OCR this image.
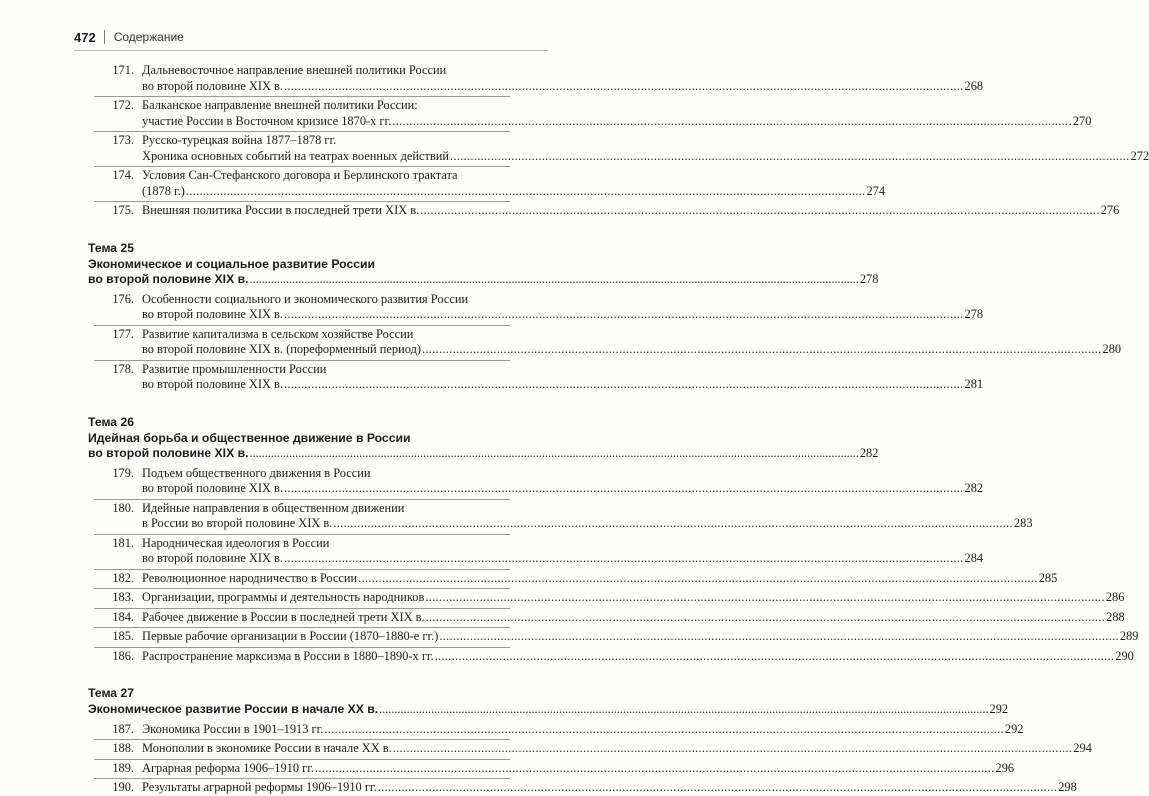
472 Содержание
171. Дальневосточное направление внешней политики России
во второй половине XIX в. ........................................................................................................................................................................................................ 268
172. Балканское направление внешней политики России:
участие России в Восточном кризисе 1870-х гг. ........................................................................................................................................................................................................ 270
173. Русско-турецкая война 1877–1878 гг.
Хроника основных событий на театрах военных действий ........................................................................................................................................................................................................ 272
174. Условия Сан-Стефанского договора и Берлинского трактата
(1878 г.) ........................................................................................................................................................................................................ 274
175. Внешняя политика России в последней трети XIX в. ........................................................................................................................................................................................................ 276
Тема 25
Экономическое и социальное развитие России
во второй половине XIX в. ........................................................................................................................................................................................................ 278
176. Особенности социального и экономического развития России
во второй половине XIX в. ........................................................................................................................................................................................................ 278
177. Развитие капитализма в сельском хозяйстве России
во второй половине XIX в. (пореформенный период) ........................................................................................................................................................................................................ 280
178. Развитие промышленности России
во второй половине XIX в. ........................................................................................................................................................................................................ 281
Тема 26
Идейная борьба и общественное движение в России
во второй половине XIX в. ........................................................................................................................................................................................................ 282
179. Подъем общественного движения в России
во второй половине XIX в. ........................................................................................................................................................................................................ 282
180. Идейные направления в общественном движении
в России во второй половине XIX в. ........................................................................................................................................................................................................ 283
181. Народническая идеология в России
во второй половине XIX в. ........................................................................................................................................................................................................ 284
182. Революционное народничество в России ........................................................................................................................................................................................................ 285
183. Организации, программы и деятельность народников ........................................................................................................................................................................................................ 286
184. Рабочее движение в России в последней трети XIX в. ........................................................................................................................................................................................................ 288
185. Первые рабочие организации в России (1870–1880-е гг.) ........................................................................................................................................................................................................ 289
186. Распространение марксизма в России в 1880–1890-х гг. ........................................................................................................................................................................................................ 290
Тема 27
Экономическое развитие России в начале XX в. ........................................................................................................................................................................................................ 292
187. Экономика России в 1901–1913 гг. ........................................................................................................................................................................................................ 292
188. Монополии в экономике России в начале XX в. ........................................................................................................................................................................................................ 294
189. Аграрная реформа 1906–1910 гг. ........................................................................................................................................................................................................ 296
190. Результаты аграрной реформы 1906–1910 гг. ........................................................................................................................................................................................................ 298
